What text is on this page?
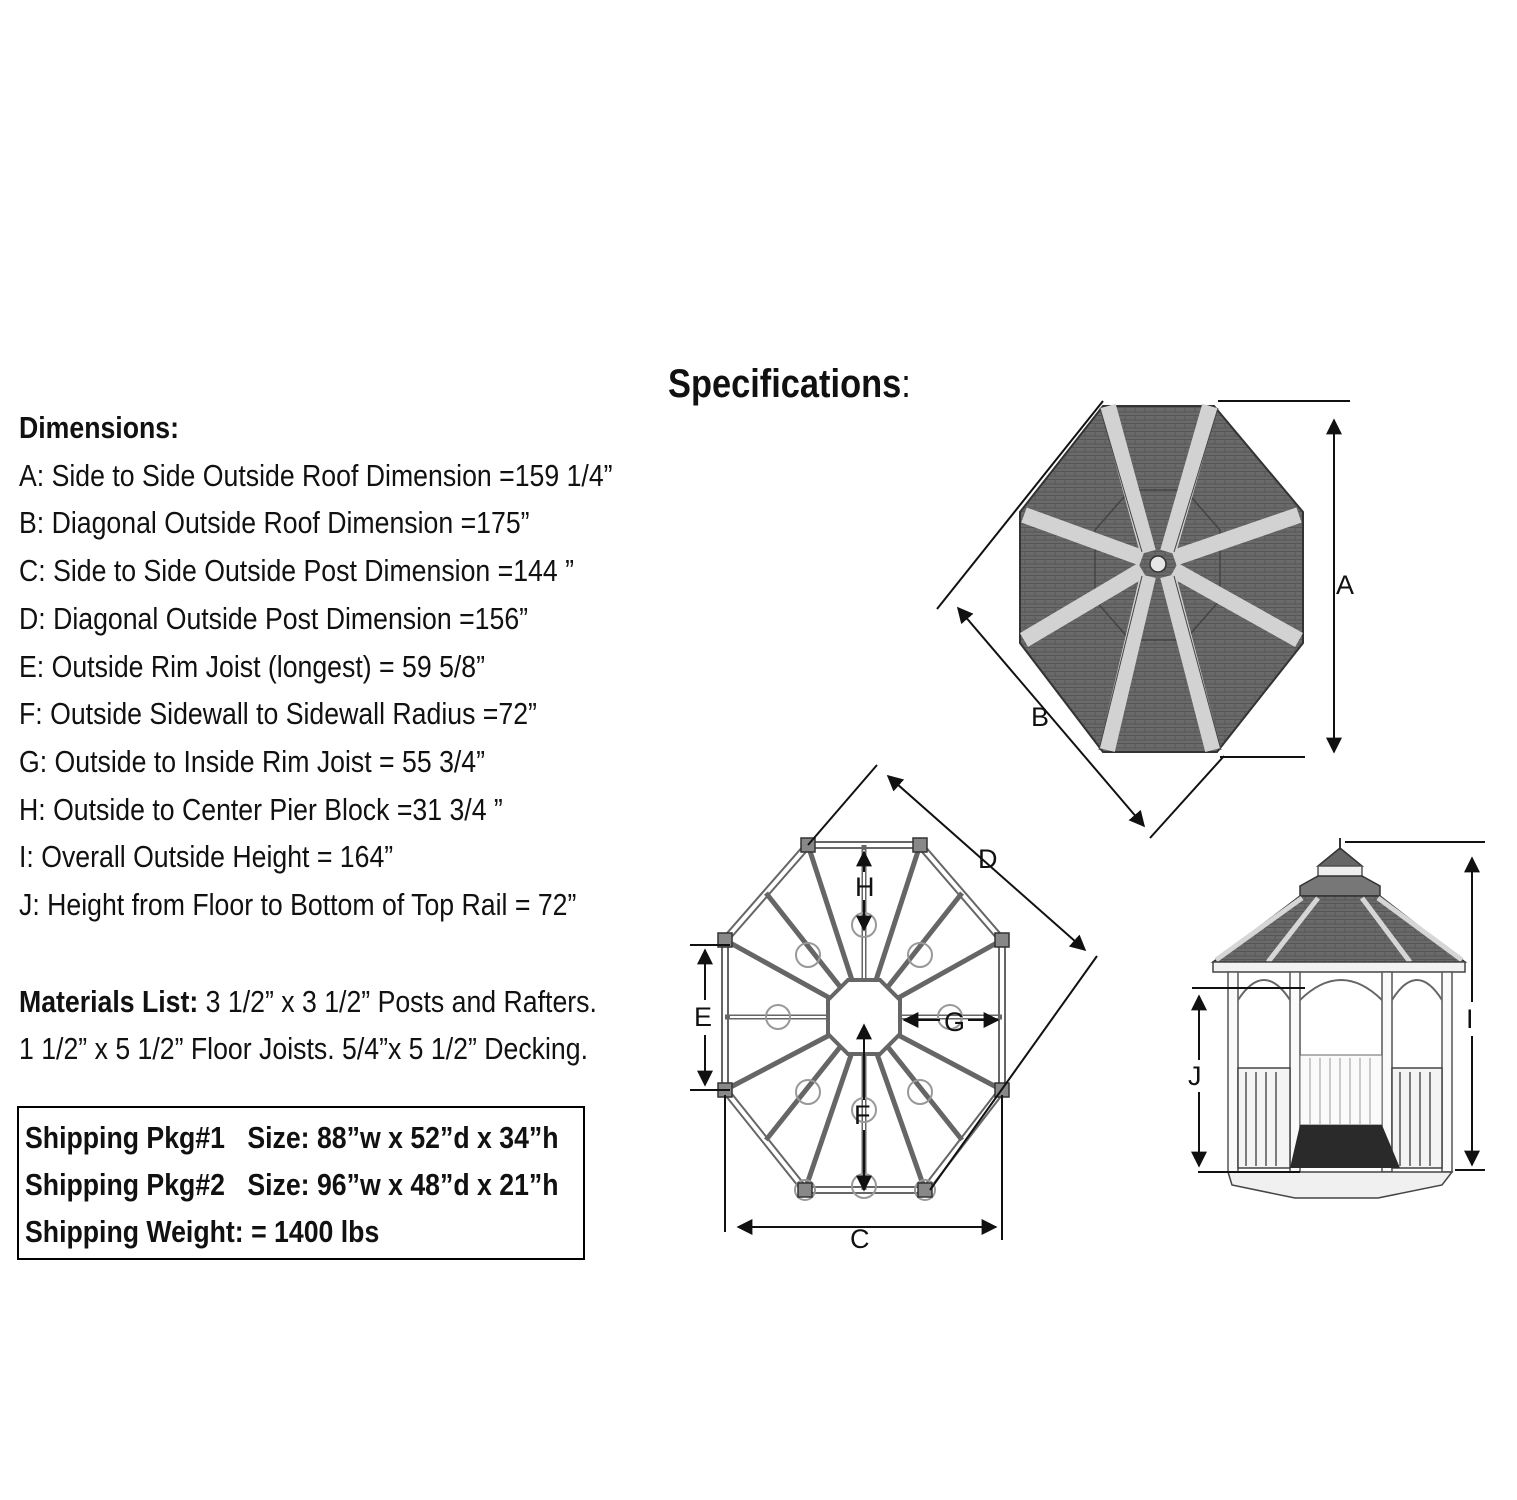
Specifications:
Dimensions:
A: Side to Side Outside Roof Dimension =159 1/4”
B: Diagonal Outside Roof Dimension =175”
C: Side to Side Outside Post Dimension =144 ”
D: Diagonal Outside Post Dimension =156”
E: Outside Rim Joist (longest) = 59 5/8”
F: Outside Sidewall to Sidewall Radius =72”
G: Outside to Inside Rim Joist = 55 3/4”
H: Outside to Center Pier Block =31 3/4 ”
I: Overall Outside Height = 164”
J: Height from Floor to Bottom of Top Rail = 72”
Materials List: 3 1/2” x 3 1/2” Posts and Rafters.
1 1/2” x 5 1/2” Floor Joists. 5/4”x 5 1/2” Decking.
Shipping Pkg#1 Size: 88”w x 52”d x 34”h
Shipping Pkg#2 Size: 96”w x 48”d x 21”h
Shipping Weight: = 1400 lbs
A
B
C
D
E
F
G
H
I
J
